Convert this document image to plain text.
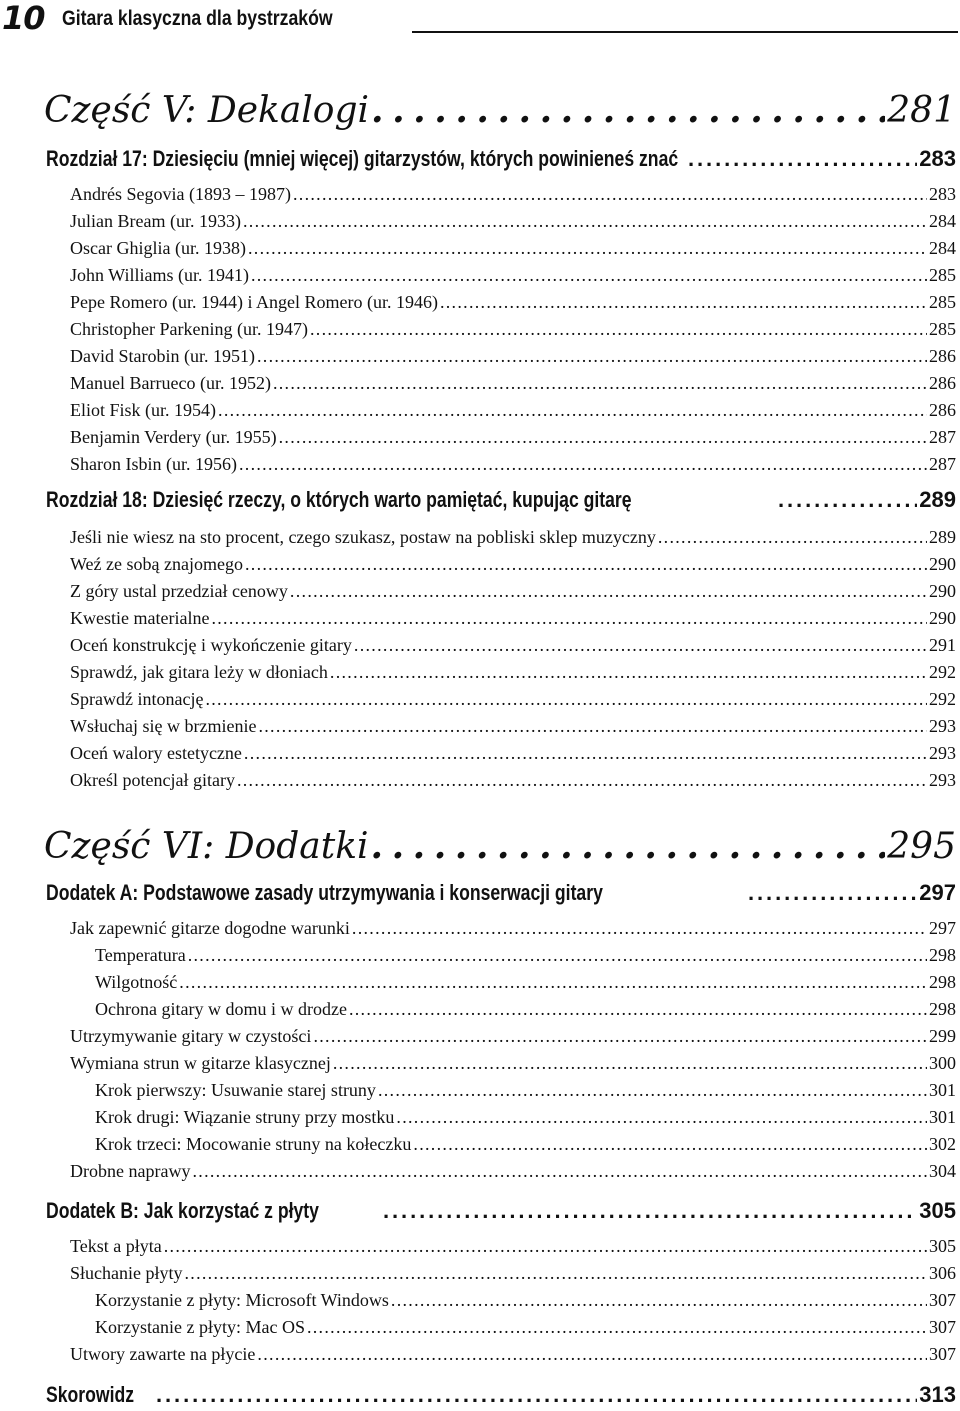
10 Gitara klasyczna dla bystrzaków
Część V: Dekalogi . . .	281
Rozdział 17: Dziesięciu (mniej więcej) gitarzystów, których powinieneś znać . . .	283
Andrés Segovia (1893 – 1987) . . .	283
Julian Bream (ur. 1933) . . .	284
Oscar Ghiglia (ur. 1938) . . .	284
John Williams (ur. 1941) . . .	285
Pepe Romero (ur. 1944) i Angel Romero (ur. 1946) . . .	285
Christopher Parkening (ur. 1947) . . .	285
David Starobin (ur. 1951) . . .	286
Manuel Barrueco (ur. 1952) . . .	286
Eliot Fisk (ur. 1954) . . .	286
Benjamin Verdery (ur. 1955) . . .	287
Sharon Isbin (ur. 1956) . . .	287
Rozdział 18: Dziesięć rzeczy, o których warto pamiętać, kupując gitarę . . .	289
Jeśli nie wiesz na sto procent, czego szukasz, postaw na pobliski sklep muzyczny . . .	289
Weź ze sobą znajomego . . .	290
Z góry ustal przedział cenowy . . .	290
Kwestie materialne . . .	290
Oceń konstrukcję i wykończenie gitary . . .	291
Sprawdź, jak gitara leży w dłoniach . . .	292
Sprawdź intonację . . .	292
Wsłuchaj się w brzmienie . . .	293
Oceń walory estetyczne . . .	293
Określ potencjał gitary . . .	293
Część VI: Dodatki . . .	295
Dodatek A: Podstawowe zasady utrzymywania i konserwacji gitary . . .	297
Jak zapewnić gitarze dogodne warunki . . .	297
Temperatura . . .	298
Wilgotność . . .	298
Ochrona gitary w domu i w drodze . . .	298
Utrzymywanie gitary w czystości . . .	299
Wymiana strun w gitarze klasycznej . . .	300
Krok pierwszy: Usuwanie starej struny . . .	301
Krok drugi: Wiązanie struny przy mostku . . .	301
Krok trzeci: Mocowanie struny na kołeczku . . .	302
Drobne naprawy . . .	304
Dodatek B: Jak korzystać z płyty . . .	305
Tekst a płyta . . .	305
Słuchanie płyty . . .	306
Korzystanie z płyty: Microsoft Windows . . .	307
Korzystanie z płyty: Mac OS . . .	307
Utwory zawarte na płycie . . .	307
Skorowidz . . .	313
